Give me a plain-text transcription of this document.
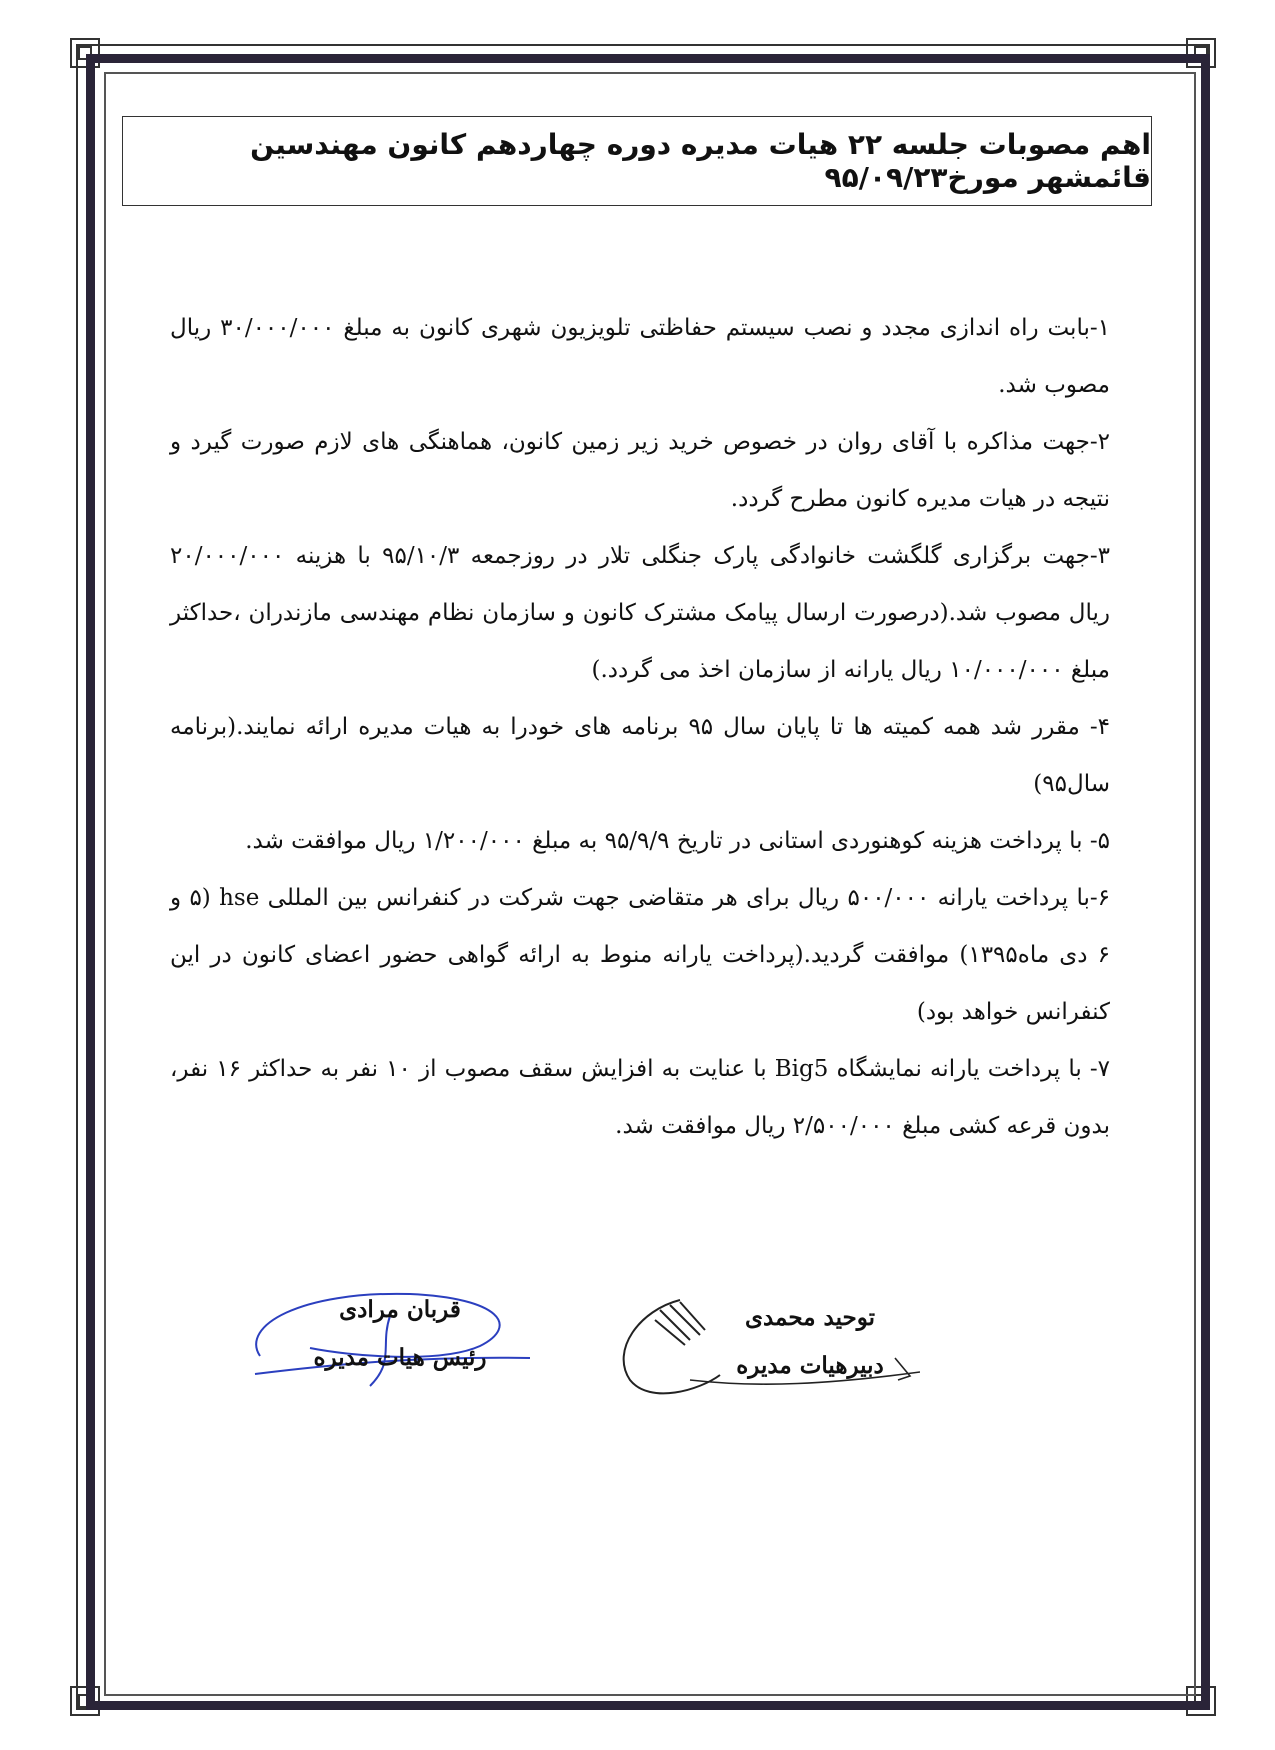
اهم مصوبات جلسه ۲۲ هیات مدیره دوره چهاردهم کانون مهندسین قائمشهر مورخ۹۵/۰۹/۲۳

۱-بابت راه اندازی مجدد و نصب سیستم حفاظتی تلویزیون شهری کانون به مبلغ ۳۰/۰۰۰/۰۰۰ ریال مصوب شد.

۲-جهت مذاکره با آقای روان در خصوص خرید زیر زمین کانون، هماهنگی های لازم صورت گیرد و نتیجه در هیات مدیره کانون مطرح گردد.

۳-جهت برگزاری گلگشت خانوادگی پارک جنگلی تلار در روزجمعه ۹۵/۱۰/۳ با هزینه ۲۰/۰۰۰/۰۰۰ ریال مصوب شد.(درصورت ارسال پیامک مشترک کانون و سازمان نظام مهندسی مازندران ،حداکثر مبلغ ۱۰/۰۰۰/۰۰۰ ریال یارانه از سازمان اخذ می گردد.)

۴- مقرر شد همه کمیته ها تا پایان سال ۹۵ برنامه های خودرا به هیات مدیره ارائه نمایند.(برنامه سال۹۵)

۵- با پرداخت هزینه کوهنوردی استانی در تاریخ ۹۵/۹/۹ به مبلغ ۱/۲۰۰/۰۰۰ ریال موافقت شد.

۶-با پرداخت یارانه ۵۰۰/۰۰۰ ریال برای هر متقاضی جهت شرکت در کنفرانس بین المللی hse (۵ و ۶ دی ماه۱۳۹۵) موافقت گردید.(پرداخت یارانه منوط به ارائه گواهی حضور اعضای کانون در این کنفرانس خواهد بود)

۷- با پرداخت یارانه نمایشگاه Big5 با عنایت به افزایش سقف مصوب از ۱۰ نفر به حداکثر ۱۶ نفر، بدون قرعه کشی مبلغ ۲/۵۰۰/۰۰۰ ریال موافقت شد.

قربان مرادی
رئیس هیات مدیره
توحید محمدی
دبیرهیات مدیره
